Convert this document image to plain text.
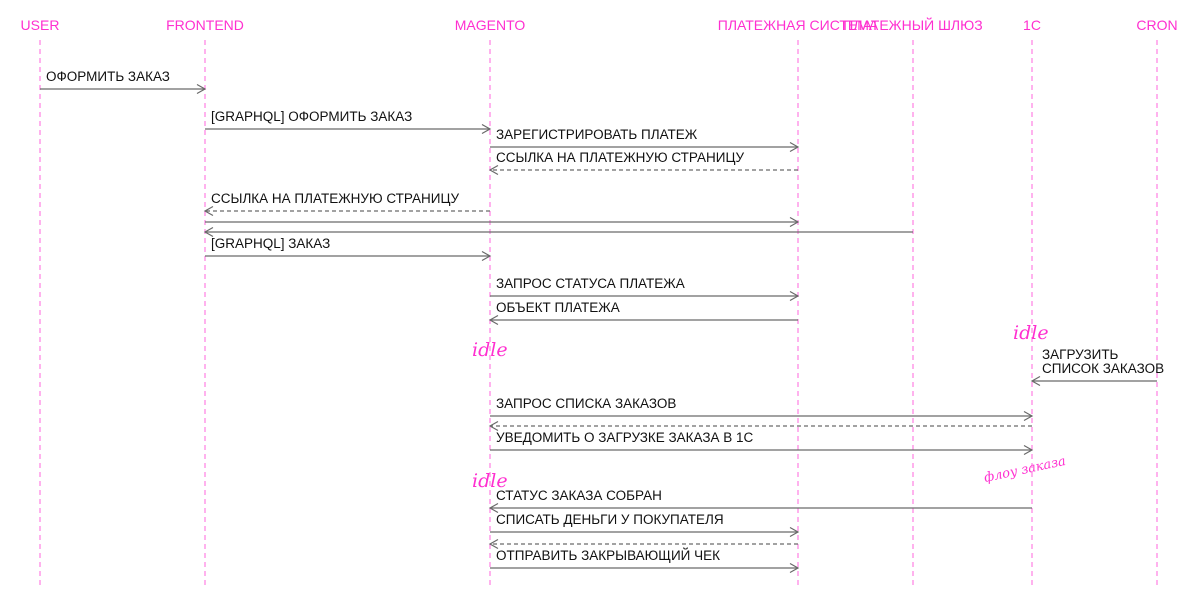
USER	FRONTEND	MAGENTO	ПЛАТЕЖНАЯ СИСТЕМА
ПЛАТЕЖНЫЙ ШЛЮЗ	1С	CRON
ОФОРМИТЬ ЗАКАЗ
[GRAPHQL] ОФОРМИТЬ ЗАКАЗ
ЗАРЕГИСТРИРОВАТЬ ПЛАТЕЖ
ССЫЛКА НА ПЛАТЕЖНУЮ СТРАНИЦУ
ССЫЛКА НА ПЛАТЕЖНУЮ СТРАНИЦУ
[GRAPHQL] ЗАКАЗ
ЗАПРОС СТАТУСА ПЛАТЕЖА
ОБЪЕКТ ПЛАТЕЖА
ЗАГРУЗИТЬ СПИСОК ЗАКАЗОВ
ЗАПРОС СПИСКА ЗАКАЗОВ
УВЕДОМИТЬ О ЗАГРУЗКЕ ЗАКАЗА В 1С
СТАТУС ЗАКАЗА СОБРАН
СПИСАТЬ ДЕНЬГИ У ПОКУПАТЕЛЯ
ОТПРАВИТЬ ЗАКРЫВАЮЩИЙ ЧЕК
idle
idle
idle	флоу заказа
